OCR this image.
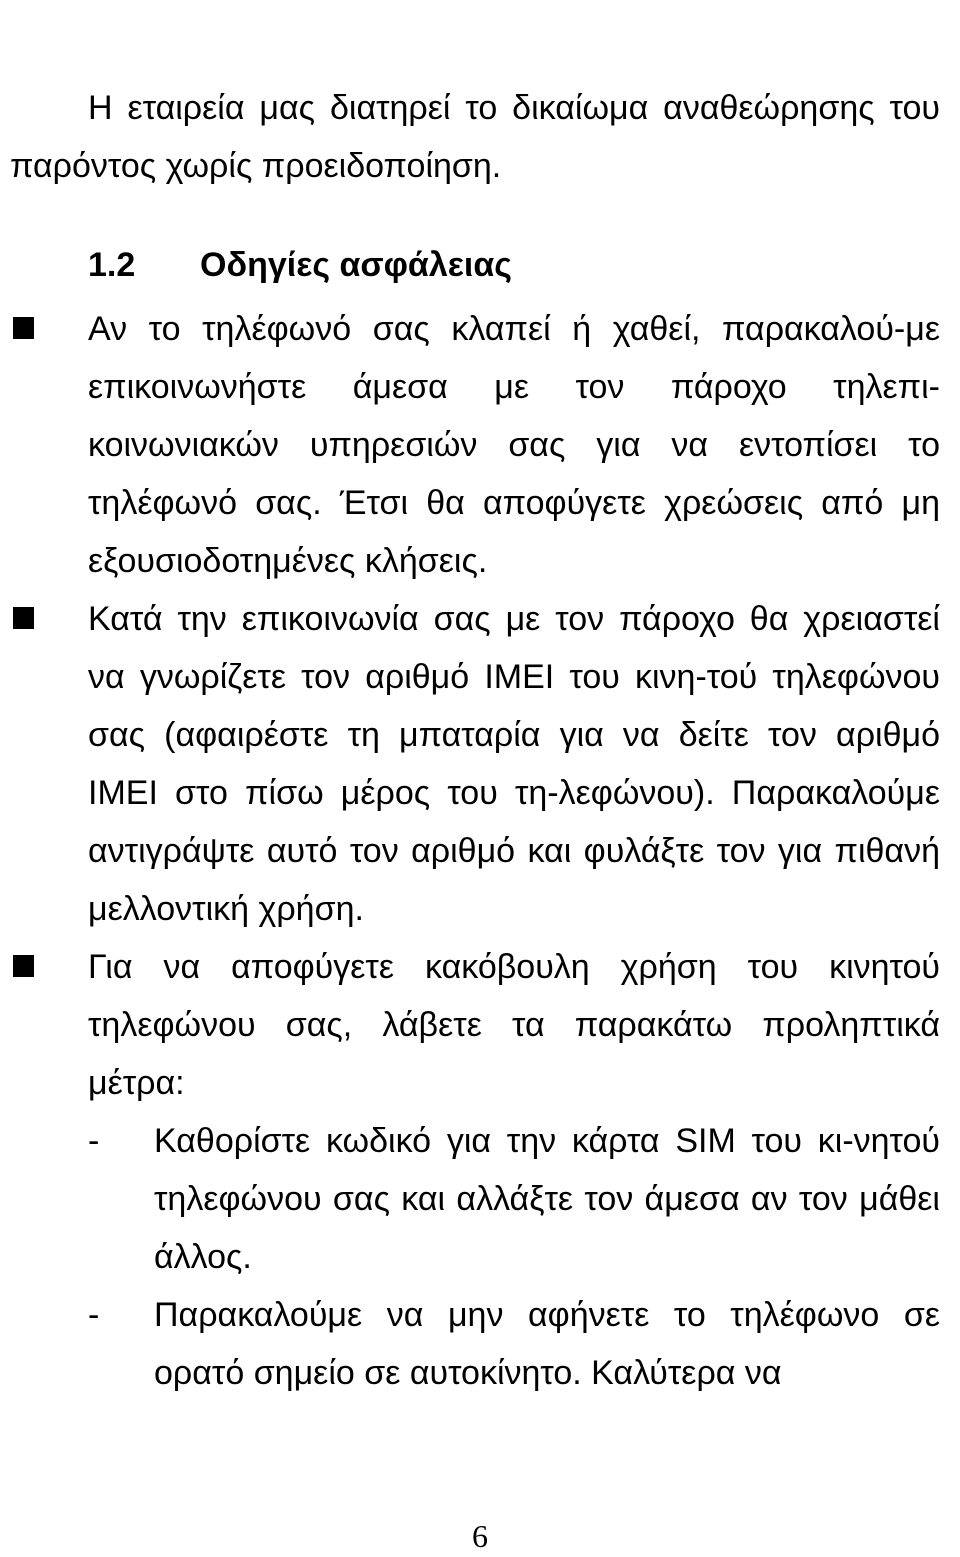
Η εταιρεία μας διατηρεί το δικαίωμα αναθεώρησης του παρόντος χωρίς προειδοποίηση.

1.2 Οδηγίες ασφάλειας

Αν το τηλέφωνό σας κλαπεί ή χαθεί, παρακαλού-με επικοινωνήστε άμεσα με τον πάροχο τηλεπι-κοινωνιακών υπηρεσιών σας για να εντοπίσει το τηλέφωνό σας. Έτσι θα αποφύγετε χρεώσεις από μη εξουσιοδοτημένες κλήσεις.

Κατά την επικοινωνία σας με τον πάροχο θα χρειαστεί να γνωρίζετε τον αριθμό IMEI του κινη-τού τηλεφώνου σας (αφαιρέστε τη μπαταρία για να δείτε τον αριθμό IMEI στο πίσω μέρος του τη-λεφώνου). Παρακαλούμε αντιγράψτε αυτό τον αριθμό και φυλάξτε τον για πιθανή μελλοντική χρήση.

Για να αποφύγετε κακόβουλη χρήση του κινητού τηλεφώνου σας, λάβετε τα παρακάτω προληπτικά μέτρα:

- Καθορίστε κωδικό για την κάρτα SIM του κι-νητού τηλεφώνου σας και αλλάξτε τον άμεσα αν τον μάθει άλλος.

- Παρακαλούμε να μην αφήνετε το τηλέφωνο σε ορατό σημείο σε αυτοκίνητο. Καλύτερα να

6
